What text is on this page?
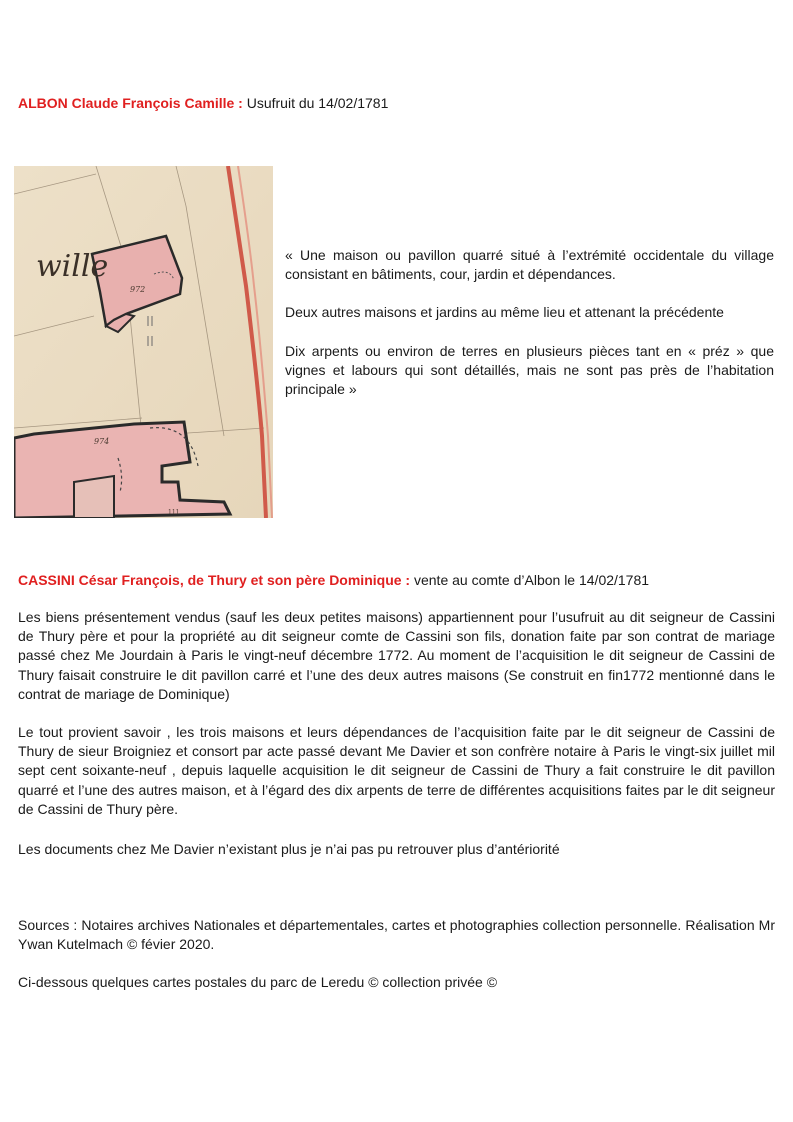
ALBON Claude François Camille : Usufruit du 14/02/1781
wille
972
974
111

« Une maison ou pavillon quarré situé à l’extrémité occidentale du village consistant en bâtiments, cour, jardin et dépendances.

Deux autres maisons et jardins au même lieu et attenant la précédente

Dix arpents ou environ de terres en plusieurs pièces tant en « préz » que vignes et labours qui sont détaillés, mais ne sont pas près de l’habitation principale »

CASSINI César François, de Thury et son père Dominique : vente au comte d’Albon le 14/02/1781

Les biens présentement vendus (sauf les deux petites maisons) appartiennent pour l’usufruit au dit seigneur de Cassini de Thury père et pour la propriété au dit seigneur comte de Cassini son fils, donation faite par son contrat de mariage passé chez Me Jourdain à Paris le vingt-neuf décembre 1772. Au moment de l’acquisition le dit seigneur de Cassini de Thury faisait construire le dit pavillon carré et l’une des deux autres maisons (Se construit en fin1772 mentionné dans le contrat de mariage de Dominique)

Le tout provient savoir , les trois maisons et leurs dépendances de l’acquisition faite par le dit seigneur de Cassini de Thury de sieur Broigniez et consort par acte passé devant Me Davier et son confrère notaire à Paris le vingt-six juillet mil sept cent soixante-neuf , depuis laquelle acquisition le dit seigneur de Cassini de Thury a fait construire le dit pavillon quarré et l’une des autres maison, et à l’égard des dix arpents de terre de différentes acquisitions faites par le dit seigneur de Cassini de Thury père.

Les documents chez Me Davier n’existant plus je n’ai pas pu retrouver plus d’antériorité

Sources : Notaires archives Nationales et départementales, cartes et photographies collection personnelle. Réalisation Mr Ywan Kutelmach © févier 2020.

Ci-dessous quelques cartes postales du parc de Leredu © collection privée ©
